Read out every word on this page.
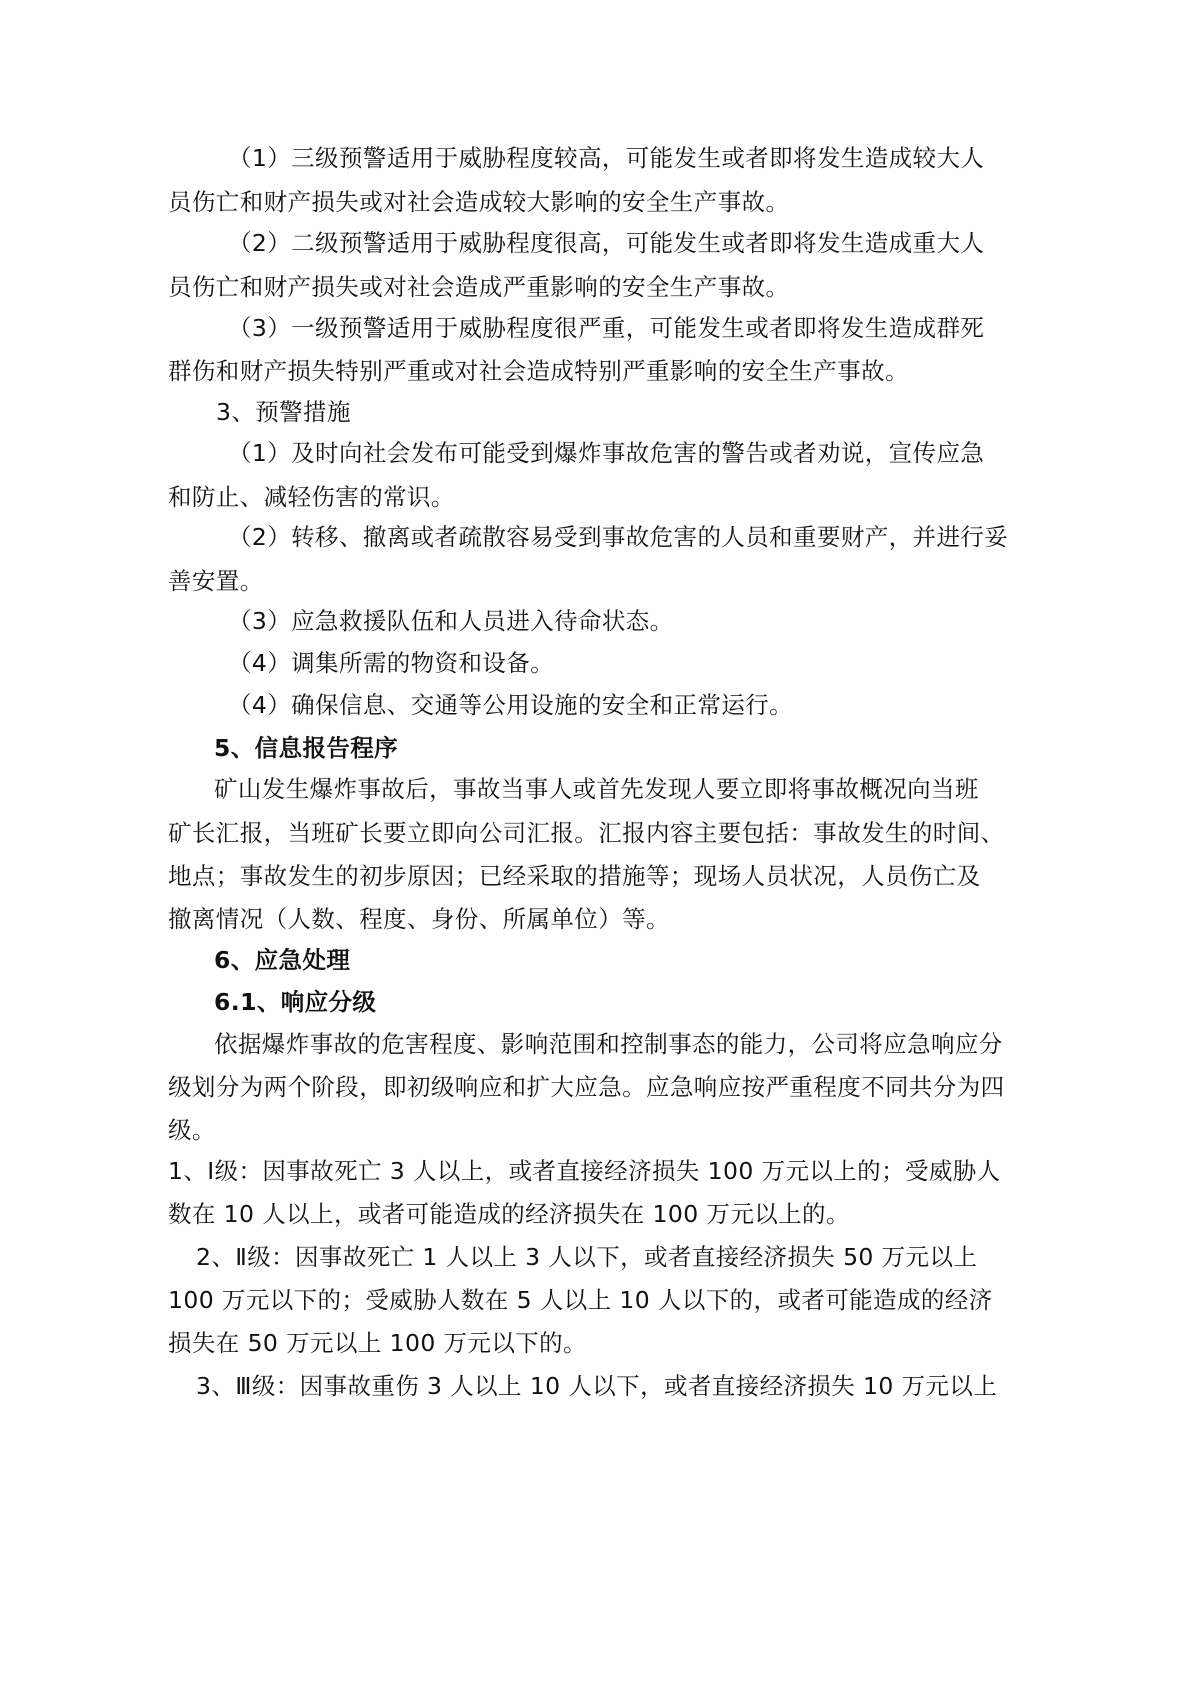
（1）三级预警适用于威胁程度较高，可能发生或者即将发生造成较大人
员伤亡和财产损失或对社会造成较大影响的安全生产事故。
（2）二级预警适用于威胁程度很高，可能发生或者即将发生造成重大人
员伤亡和财产损失或对社会造成严重影响的安全生产事故。
（3）一级预警适用于威胁程度很严重，可能发生或者即将发生造成群死
群伤和财产损失特别严重或对社会造成特别严重影响的安全生产事故。
3、预警措施
（1）及时向社会发布可能受到爆炸事故危害的警告或者劝说，宣传应急
和防止、减轻伤害的常识。
（2）转移、撤离或者疏散容易受到事故危害的人员和重要财产，并进行妥
善安置。
（3）应急救援队伍和人员进入待命状态。
（4）调集所需的物资和设备。
（4）确保信息、交通等公用设施的安全和正常运行。
5、信息报告程序
矿山发生爆炸事故后，事故当事人或首先发现人要立即将事故概况向当班
矿长汇报，当班矿长要立即向公司汇报。汇报内容主要包括：事故发生的时间、
地点；事故发生的初步原因；已经采取的措施等；现场人员状况，人员伤亡及
撤离情况（人数、程度、身份、所属单位）等。
6、应急处理
6.1、响应分级
依据爆炸事故的危害程度、影响范围和控制事态的能力，公司将应急响应分
级划分为两个阶段，即初级响应和扩大应急。应急响应按严重程度不同共分为四
级。
1、Ⅰ级：因事故死亡 3 人以上，或者直接经济损失 100 万元以上的；受威胁人
数在 10 人以上，或者可能造成的经济损失在 100 万元以上的。
2、Ⅱ级：因事故死亡 1 人以上 3 人以下，或者直接经济损失 50 万元以上
100 万元以下的；受威胁人数在 5 人以上 10 人以下的，或者可能造成的经济
损失在 50 万元以上 100 万元以下的。
3、Ⅲ级：因事故重伤 3 人以上 10 人以下，或者直接经济损失 10 万元以上
